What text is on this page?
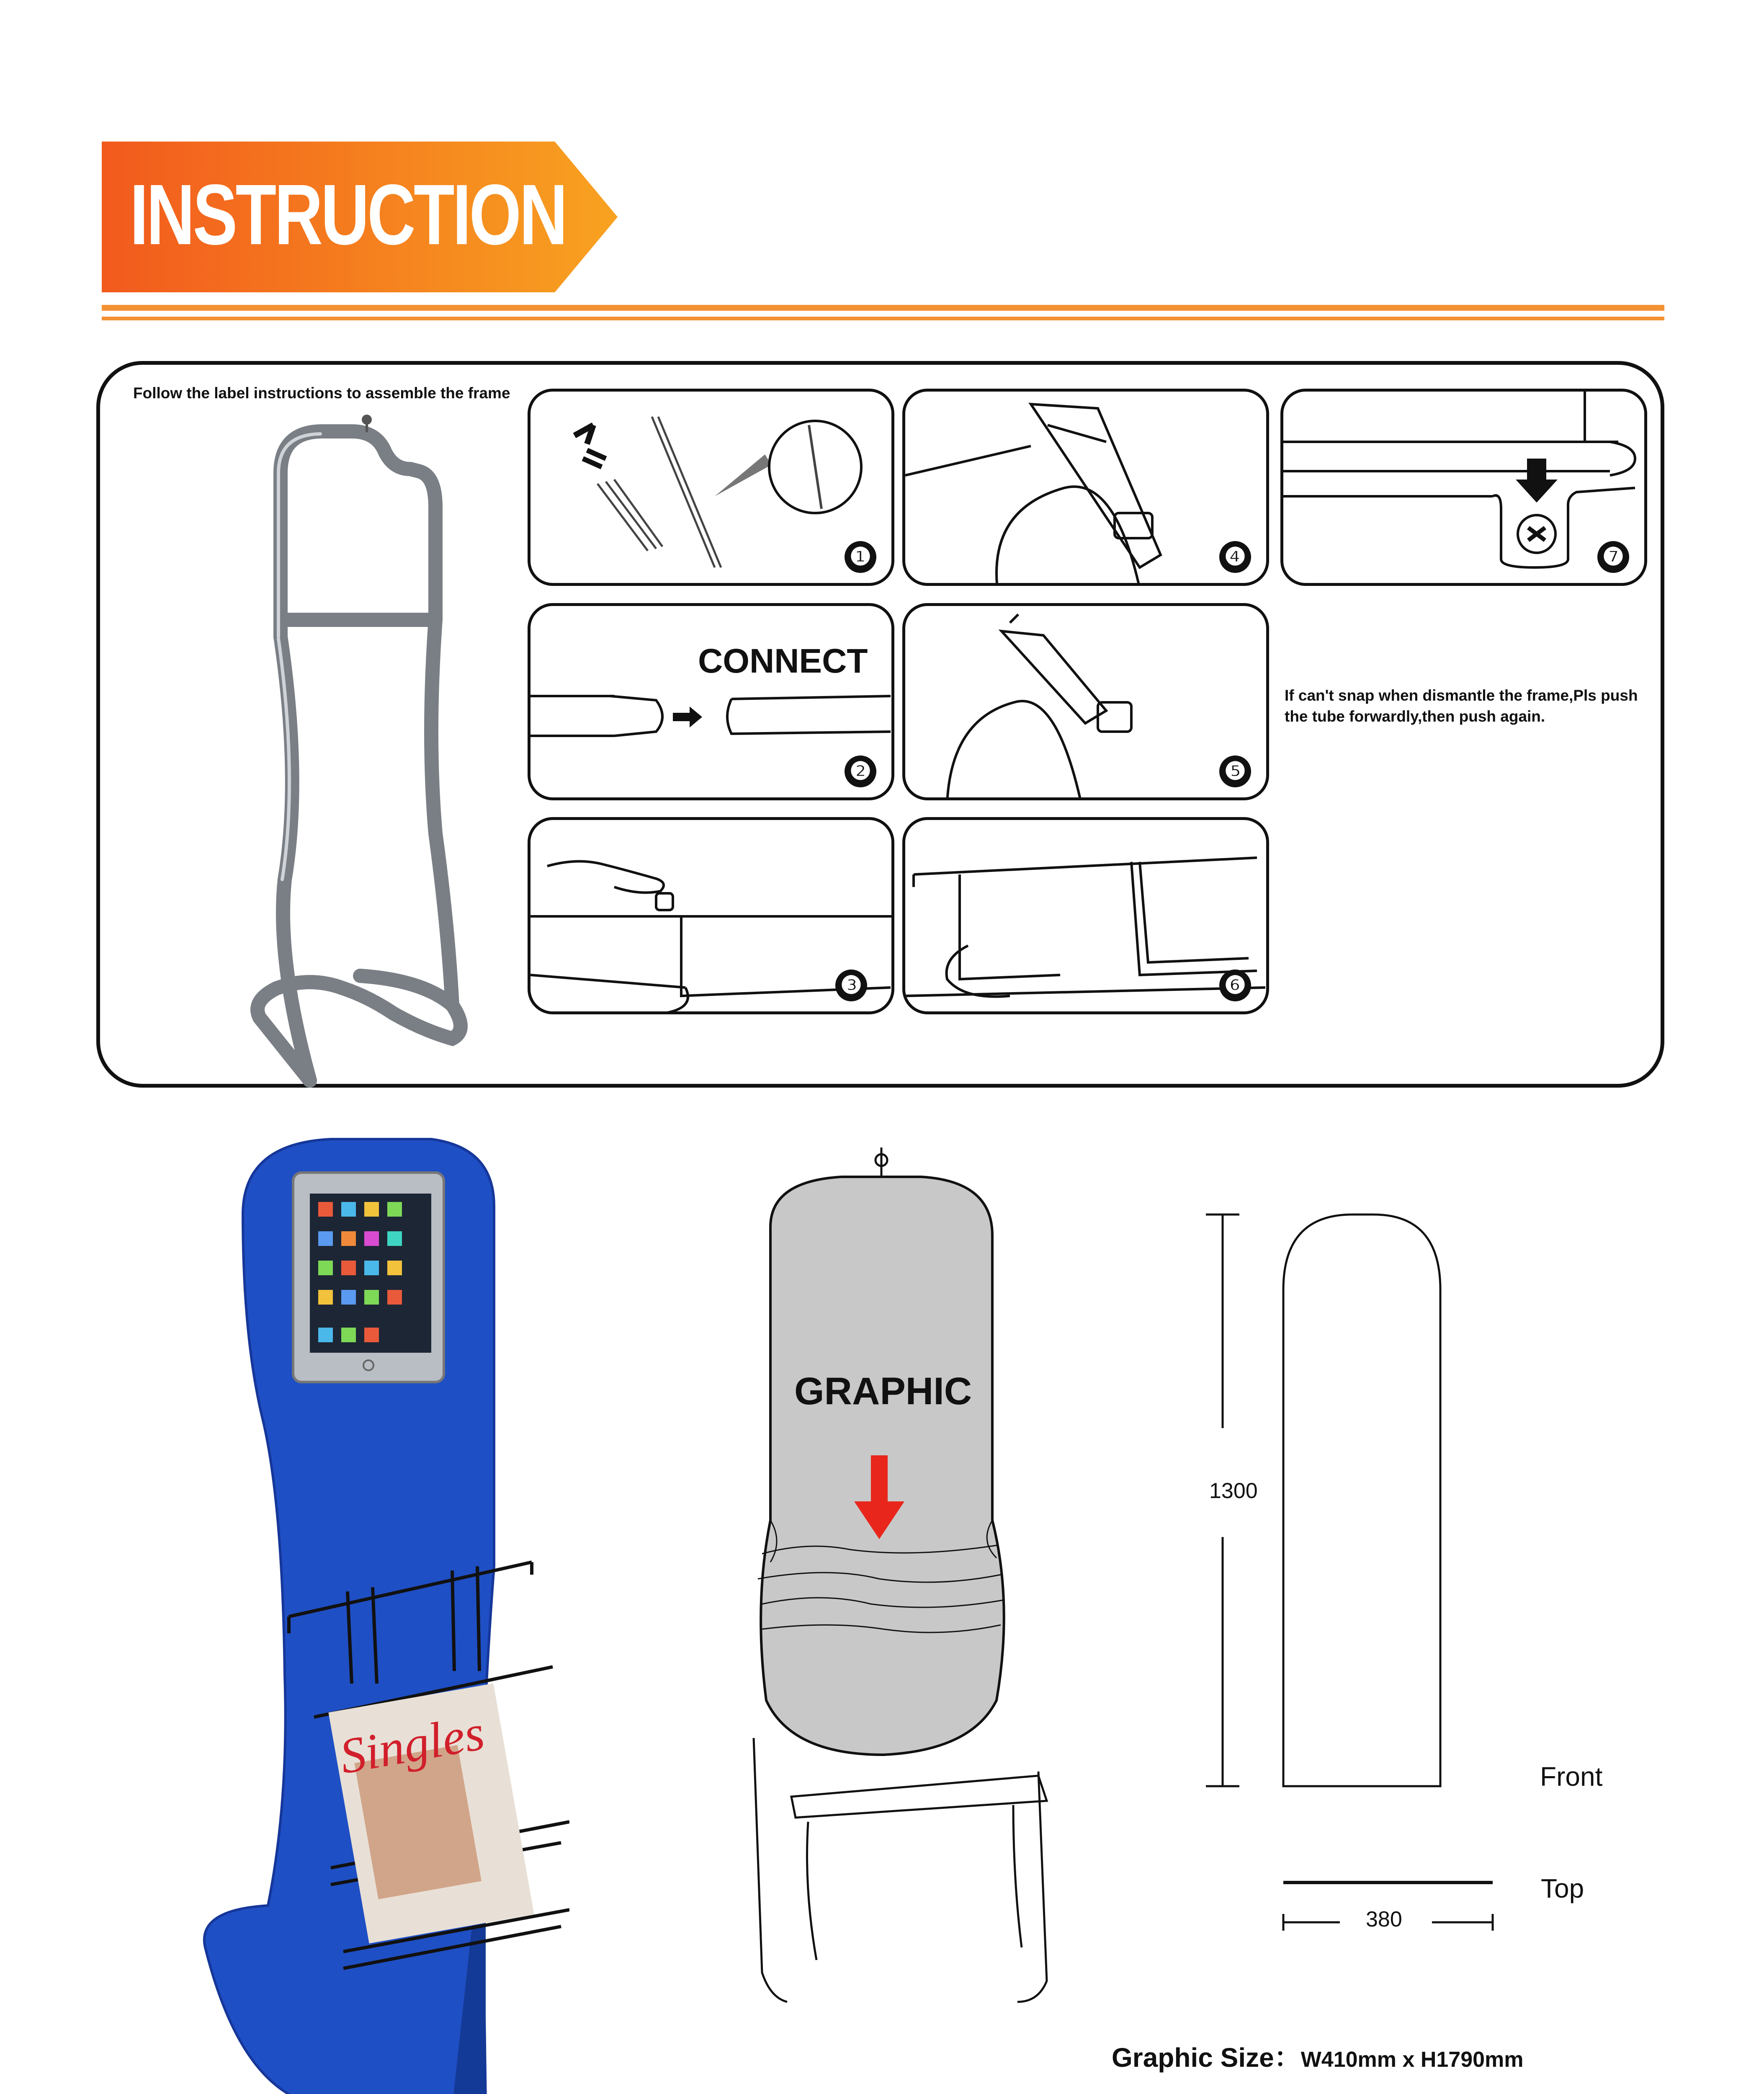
INSTRUCTION
Follow the label instructions to assemble the frame
❶
CONNECT
❷
❸
❹
❺
❻
❼
If can't snap when dismantle the frame,Pls push
the tube forwardly,then push again.
Singles
GRAPHIC
1300
380
Front
Top
Graphic Size：W410mm x H1790mm
